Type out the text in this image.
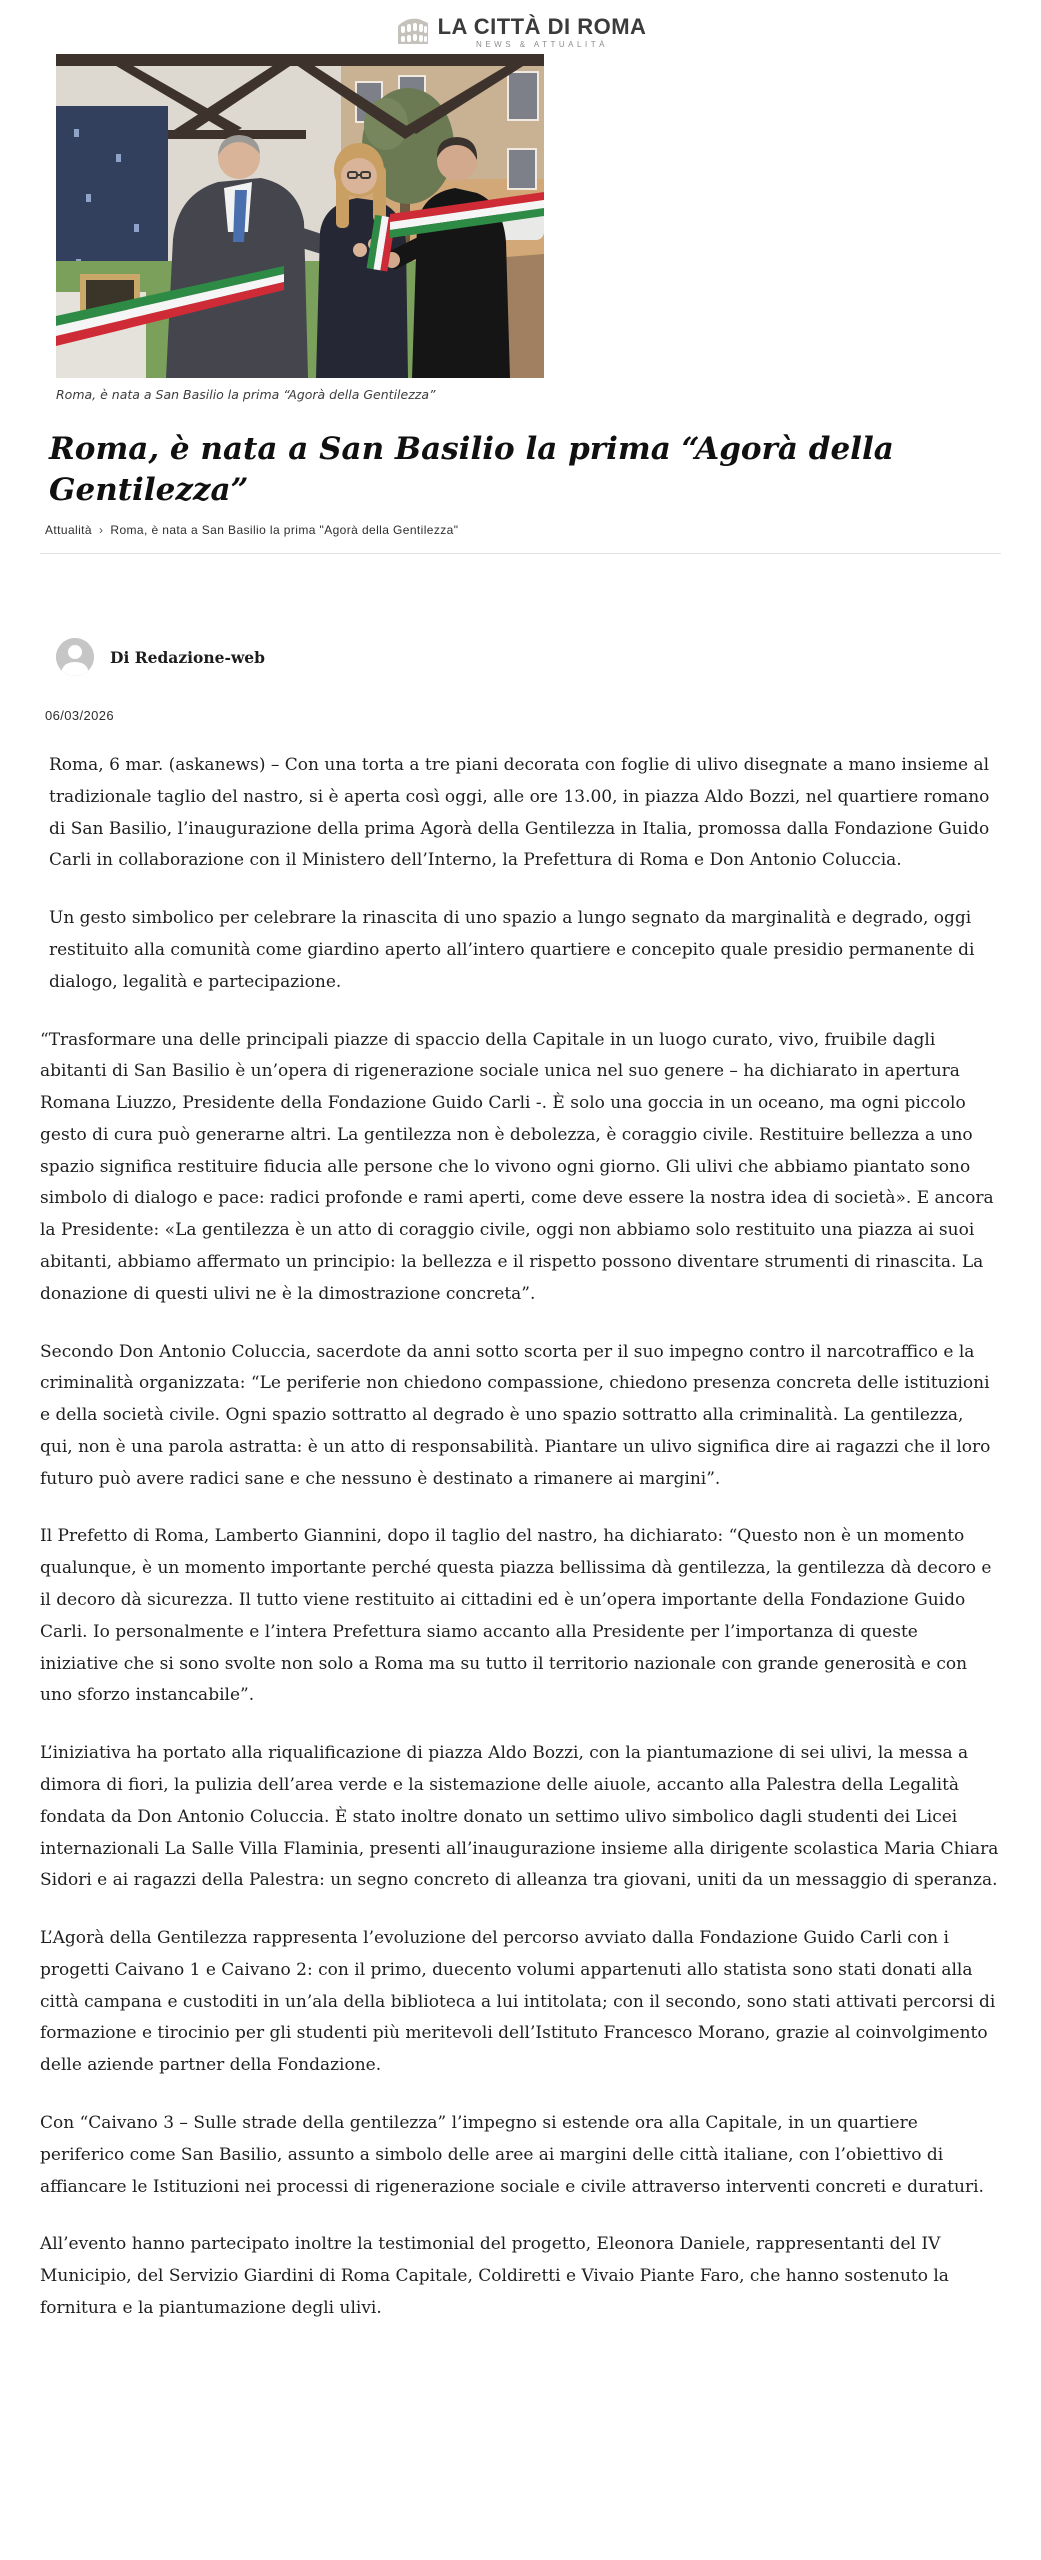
LA CITTÀ DI ROMA
NEWS & ATTUALITÀ
Roma, è nata a San Basilio la prima “Agorà della Gentilezza”
Roma, è nata a San Basilio la prima “Agorà della Gentilezza”
Attualità › Roma, è nata a San Basilio la prima "Agorà della Gentilezza"
Di Redazione-web
06/03/2026

Roma, 6 mar. (askanews) – Con una torta a tre piani decorata con foglie di ulivo disegnate a mano insieme al tradizionale taglio del nastro, si è aperta così oggi, alle ore 13.00, in piazza Aldo Bozzi, nel quartiere romano di San Basilio, l’inaugurazione della prima Agorà della Gentilezza in Italia, promossa dalla Fondazione Guido Carli in collaborazione con il Ministero dell’Interno, la Prefettura di Roma e Don Antonio Coluccia.

Un gesto simbolico per celebrare la rinascita di uno spazio a lungo segnato da marginalità e degrado, oggi restituito alla comunità come giardino aperto all’intero quartiere e concepito quale presidio permanente di dialogo, legalità e partecipazione.

“Trasformare una delle principali piazze di spaccio della Capitale in un luogo curato, vivo, fruibile dagli abitanti di San Basilio è un’opera di rigenerazione sociale unica nel suo genere – ha dichiarato in apertura Romana Liuzzo, Presidente della Fondazione Guido Carli -. È solo una goccia in un oceano, ma ogni piccolo gesto di cura può generarne altri. La gentilezza non è debolezza, è coraggio civile. Restituire bellezza a uno spazio significa restituire fiducia alle persone che lo vivono ogni giorno. Gli ulivi che abbiamo piantato sono simbolo di dialogo e pace: radici profonde e rami aperti, come deve essere la nostra idea di società». E ancora la Presidente: «La gentilezza è un atto di coraggio civile, oggi non abbiamo solo restituito una piazza ai suoi abitanti, abbiamo affermato un principio: la bellezza e il rispetto possono diventare strumenti di rinascita. La donazione di questi ulivi ne è la dimostrazione concreta”.

Secondo Don Antonio Coluccia, sacerdote da anni sotto scorta per il suo impegno contro il narcotraffico e la criminalità organizzata: “Le periferie non chiedono compassione, chiedono presenza concreta delle istituzioni e della società civile. Ogni spazio sottratto al degrado è uno spazio sottratto alla criminalità. La gentilezza, qui, non è una parola astratta: è un atto di responsabilità. Piantare un ulivo significa dire ai ragazzi che il loro futuro può avere radici sane e che nessuno è destinato a rimanere ai margini”.

Il Prefetto di Roma, Lamberto Giannini, dopo il taglio del nastro, ha dichiarato: “Questo non è un momento qualunque, è un momento importante perché questa piazza bellissima dà gentilezza, la gentilezza dà decoro e il decoro dà sicurezza. Il tutto viene restituito ai cittadini ed è un’opera importante della Fondazione Guido Carli. Io personalmente e l’intera Prefettura siamo accanto alla Presidente per l’importanza di queste iniziative che si sono svolte non solo a Roma ma su tutto il territorio nazionale con grande generosità e con uno sforzo instancabile”.

L’iniziativa ha portato alla riqualificazione di piazza Aldo Bozzi, con la piantumazione di sei ulivi, la messa a dimora di fiori, la pulizia dell’area verde e la sistemazione delle aiuole, accanto alla Palestra della Legalità fondata da Don Antonio Coluccia. È stato inoltre donato un settimo ulivo simbolico dagli studenti dei Licei internazionali La Salle Villa Flaminia, presenti all’inaugurazione insieme alla dirigente scolastica Maria Chiara Sidori e ai ragazzi della Palestra: un segno concreto di alleanza tra giovani, uniti da un messaggio di speranza.

L’Agorà della Gentilezza rappresenta l’evoluzione del percorso avviato dalla Fondazione Guido Carli con i progetti Caivano 1 e Caivano 2: con il primo, duecento volumi appartenuti allo statista sono stati donati alla città campana e custoditi in un’ala della biblioteca a lui intitolata; con il secondo, sono stati attivati percorsi di formazione e tirocinio per gli studenti più meritevoli dell’Istituto Francesco Morano, grazie al coinvolgimento delle aziende partner della Fondazione.

Con “Caivano 3 – Sulle strade della gentilezza” l’impegno si estende ora alla Capitale, in un quartiere periferico come San Basilio, assunto a simbolo delle aree ai margini delle città italiane, con l’obiettivo di affiancare le Istituzioni nei processi di rigenerazione sociale e civile attraverso interventi concreti e duraturi.

All’evento hanno partecipato inoltre la testimonial del progetto, Eleonora Daniele, rappresentanti del IV Municipio, del Servizio Giardini di Roma Capitale, Coldiretti e Vivaio Piante Faro, che hanno sostenuto la fornitura e la piantumazione degli ulivi.
